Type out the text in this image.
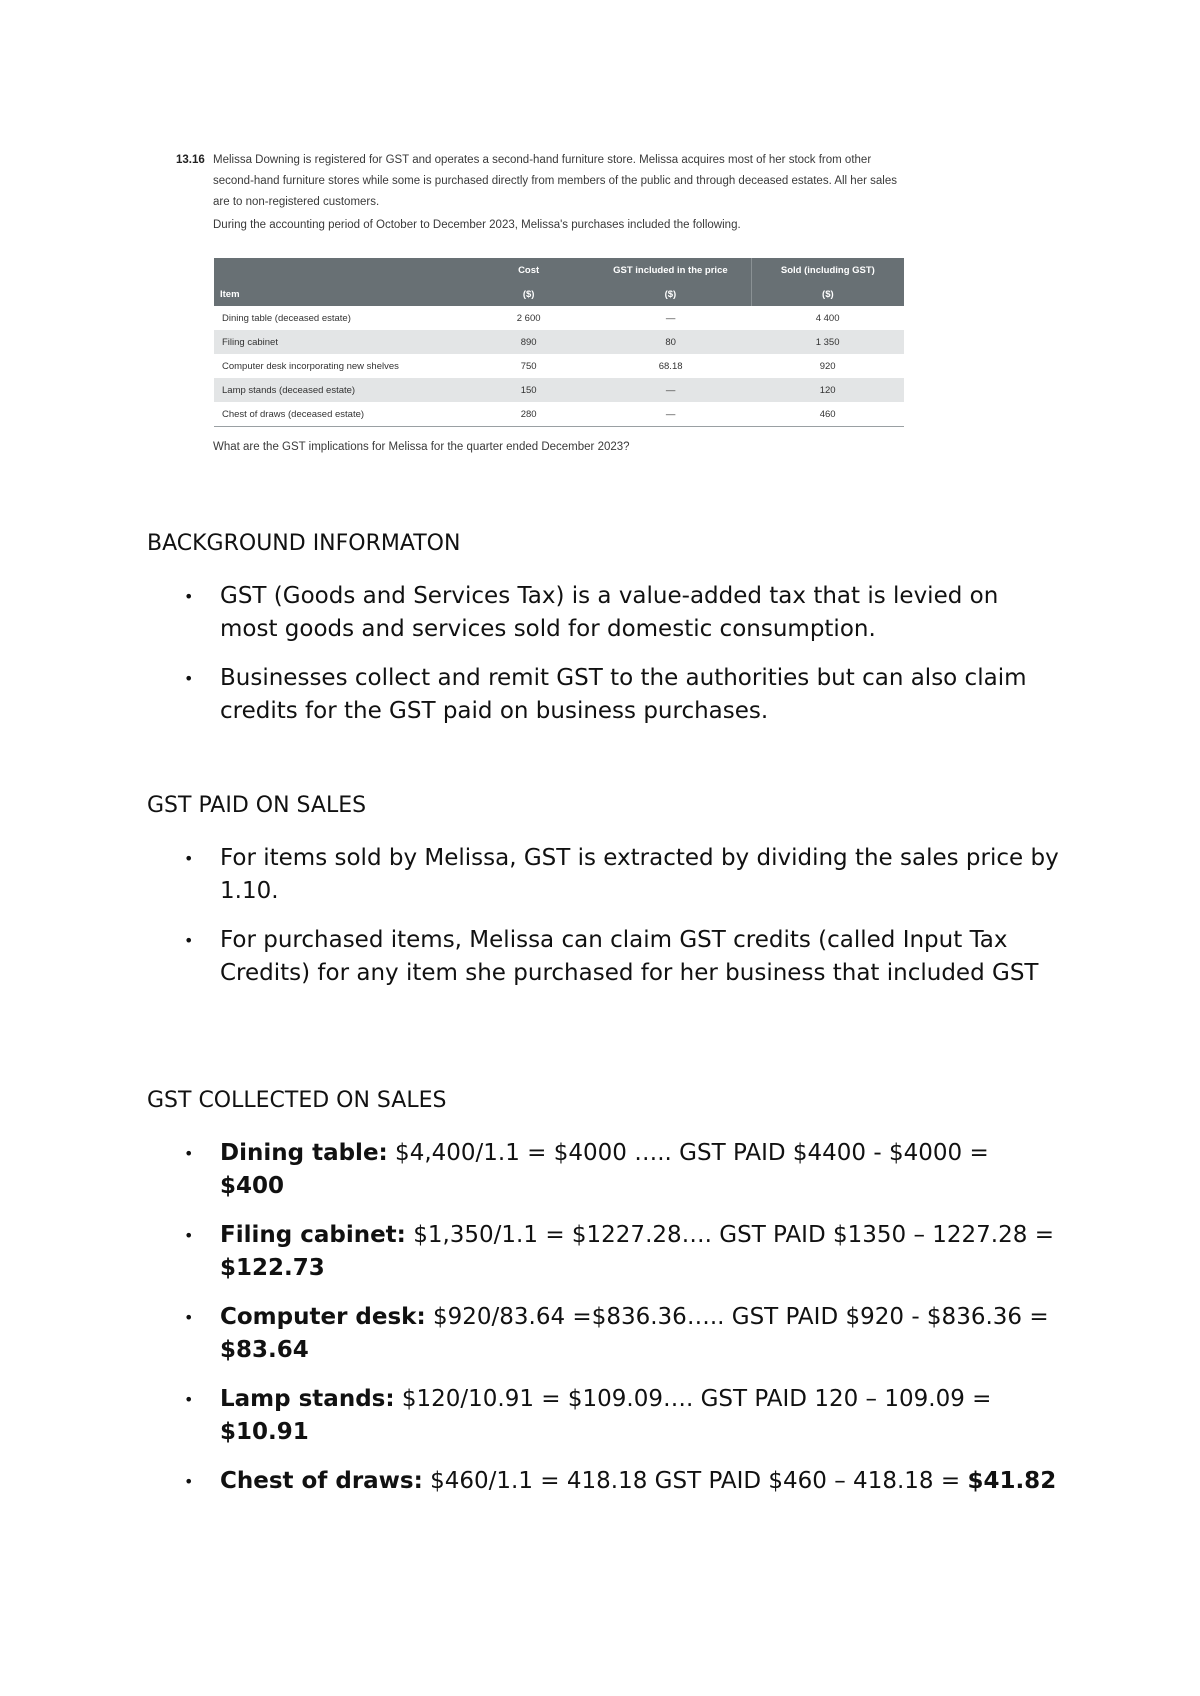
13.16 Melissa Downing is registered for GST and operates a second-hand furniture store. Melissa acquires most of her stock from other second-hand furniture stores while some is purchased directly from members of the public and through deceased estates. All her sales are to non-registered customers.
During the accounting period of October to December 2023, Melissa's purchases included the following.
Item	Cost	GST included in the price	Sold (including GST)
	($)	($)	($)
Dining table (deceased estate)	2 600	—	4 400
Filing cabinet	890	80	1 350
Computer desk incorporating new shelves	750	68.18	920
Lamp stands (deceased estate)	150	—	120
Chest of draws (deceased estate)	280	—	460
What are the GST implications for Melissa for the quarter ended December 2023?
BACKGROUND INFORMATON
• GST (Goods and Services Tax) is a value-added tax that is levied on most goods and services sold for domestic consumption.
• Businesses collect and remit GST to the authorities but can also claim credits for the GST paid on business purchases.
GST PAID ON SALES
• For items sold by Melissa, GST is extracted by dividing the sales price by 1.10.
• For purchased items, Melissa can claim GST credits (called Input Tax Credits) for any item she purchased for her business that included GST
GST COLLECTED ON SALES
• Dining table: $4,400/1.1 = $4000 ….. GST PAID $4400 - $4000 = $400
• Filing cabinet: $1,350/1.1 = $1227.28…. GST PAID $1350 – 1227.28 = $122.73
• Computer desk: $920/83.64 =$836.36….. GST PAID $920 - $836.36 = $83.64
• Lamp stands: $120/10.91 = $109.09…. GST PAID 120 – 109.09 = $10.91
• Chest of draws: $460/1.1 = 418.18 GST PAID $460 – 418.18 = $41.82
